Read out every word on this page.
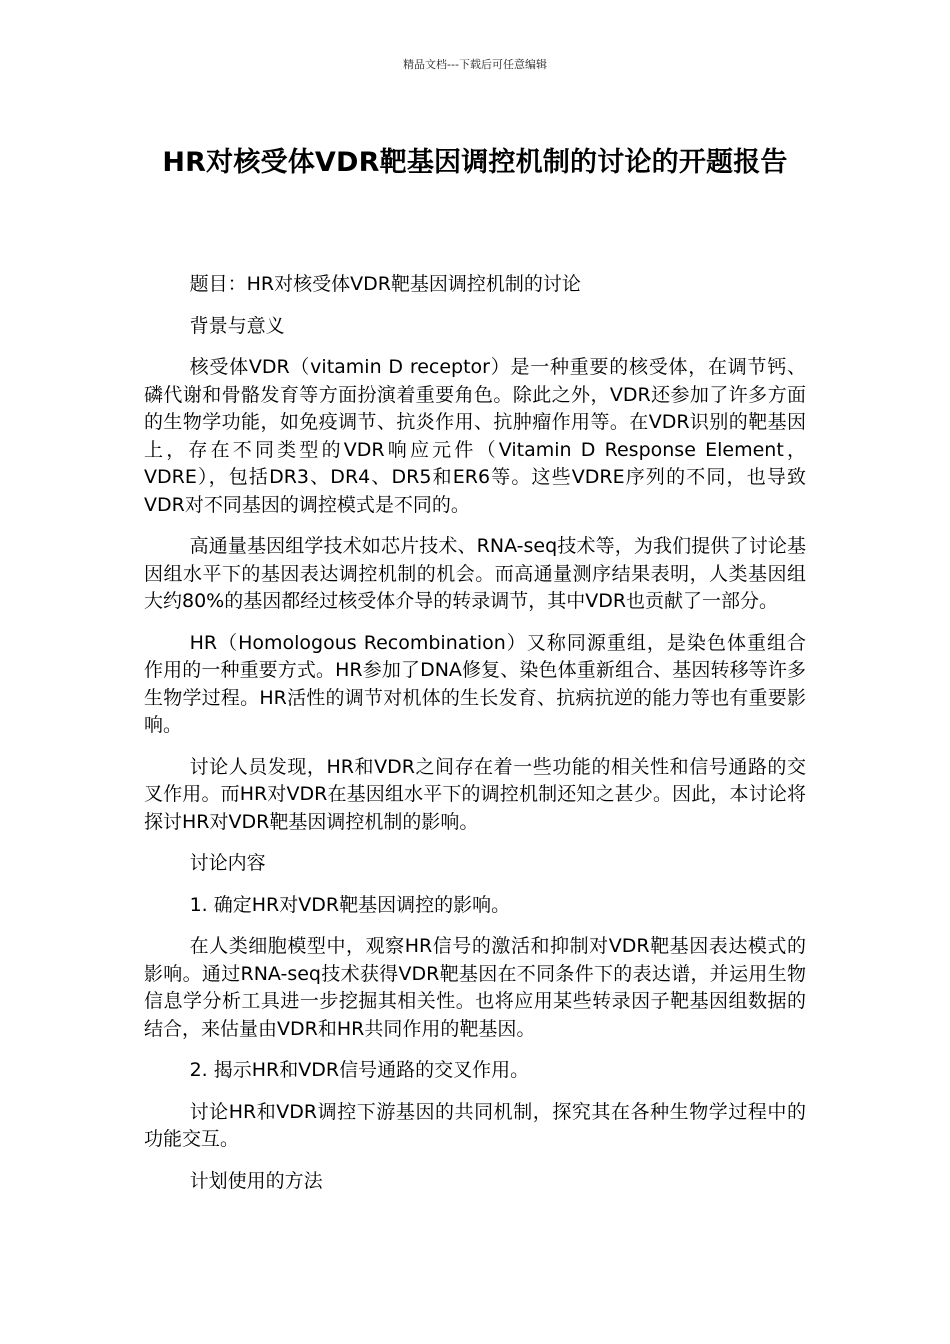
精品文档---下载后可任意编辑
HR对核受体VDR靶基因调控机制的讨论的开题报告

题目：HR对核受体VDR靶基因调控机制的讨论

背景与意义

核受体VDR（vitamin D receptor）是一种重要的核受体，在调节钙、磷代谢和骨骼发育等方面扮演着重要角色。除此之外，VDR还参加了许多方面的生物学功能，如免疫调节、抗炎作用、抗肿瘤作用等。在VDR识别的靶基因上，存在不同类型的VDR响应元件（Vitamin D Response Element，VDRE），包括DR3、DR4、DR5和ER6等。这些VDRE序列的不同，也导致VDR对不同基因的调控模式是不同的。

高通量基因组学技术如芯片技术、RNA-seq技术等，为我们提供了讨论基因组水平下的基因表达调控机制的机会。而高通量测序结果表明，人类基因组大约80%的基因都经过核受体介导的转录调节，其中VDR也贡献了一部分。

HR（Homologous Recombination）又称同源重组，是染色体重组合作用的一种重要方式。HR参加了DNA修复、染色体重新组合、基因转移等许多生物学过程。HR活性的调节对机体的生长发育、抗病抗逆的能力等也有重要影响。

讨论人员发现，HR和VDR之间存在着一些功能的相关性和信号通路的交叉作用。而HR对VDR在基因组水平下的调控机制还知之甚少。因此，本讨论将探讨HR对VDR靶基因调控机制的影响。

讨论内容

1. 确定HR对VDR靶基因调控的影响。

在人类细胞模型中，观察HR信号的激活和抑制对VDR靶基因表达模式的影响。通过RNA-seq技术获得VDR靶基因在不同条件下的表达谱，并运用生物信息学分析工具进一步挖掘其相关性。也将应用某些转录因子靶基因组数据的结合，来估量由VDR和HR共同作用的靶基因。

2. 揭示HR和VDR信号通路的交叉作用。

讨论HR和VDR调控下游基因的共同机制，探究其在各种生物学过程中的功能交互。

计划使用的方法
